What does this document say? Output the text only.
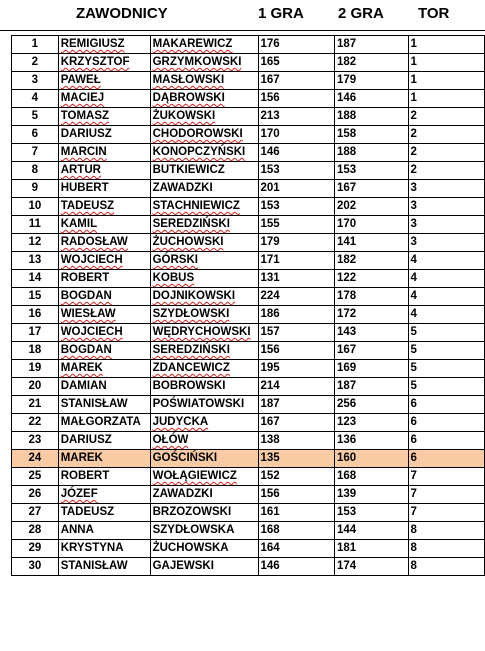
ZAWODNICY	1 GRA 2 GRA TOR
1	REMIGIUSZ	MAKAREWICZ	176	187	1
2	KRZYSZTOF	GRZYMKOWSKI	165	182	1
3	PAWEŁ	MASŁOWSKI	167	179	1
4	MACIEJ	DĄBROWSKI	156	146	1
5	TOMASZ	ŻUKOWSKI	213	188	2
6	DARIUSZ	CHODOROWSKI	170	158	2
7	MARCIN	KONOPCZYŃSKI	146	188	2
8	ARTUR	BUTKIEWICZ	153	153	2
9	HUBERT	ZAWADZKI	201	167	3
10	TADEUSZ	STACHNIEWICZ	153	202	3
11	KAMIL	SEREDZIŃSKI	155	170	3
12	RADOSŁAW	ŻUCHOWSKI	179	141	3
13	WOJCIECH	GÓRSKI	171	182	4
14	ROBERT	KOBUS	131	122	4
15	BOGDAN	DOJNIKOWSKI	224	178	4
16	WIESŁAW	SZYDŁOWSKI	186	172	4
17	WOJCIECH	WĘDRYCHOWSKI	157	143	5
18	BOGDAN	SEREDZIŃSKI	156	167	5
19	MAREK	ZDANCEWICZ	195	169	5
20	DAMIAN	BOBROWSKI	214	187	5
21	STANISŁAW	POŚWIATOWSKI	187	256	6
22	MAŁGORZATA	JUDYCKA	167	123	6
23	DARIUSZ	OŁÓW	138	136	6
24	MAREK	GOŚCIŃSKI	135	160	6
25	ROBERT	WOŁĄGIEWICZ	152	168	7
26	JÓZEF	ZAWADZKI	156	139	7
27	TADEUSZ	BRZOZOWSKI	161	153	7
28	ANNA	SZYDŁOWSKA	168	144	8
29	KRYSTYNA	ŻUCHOWSKA	164	181	8
30	STANISŁAW	GAJEWSKI	146	174	8
